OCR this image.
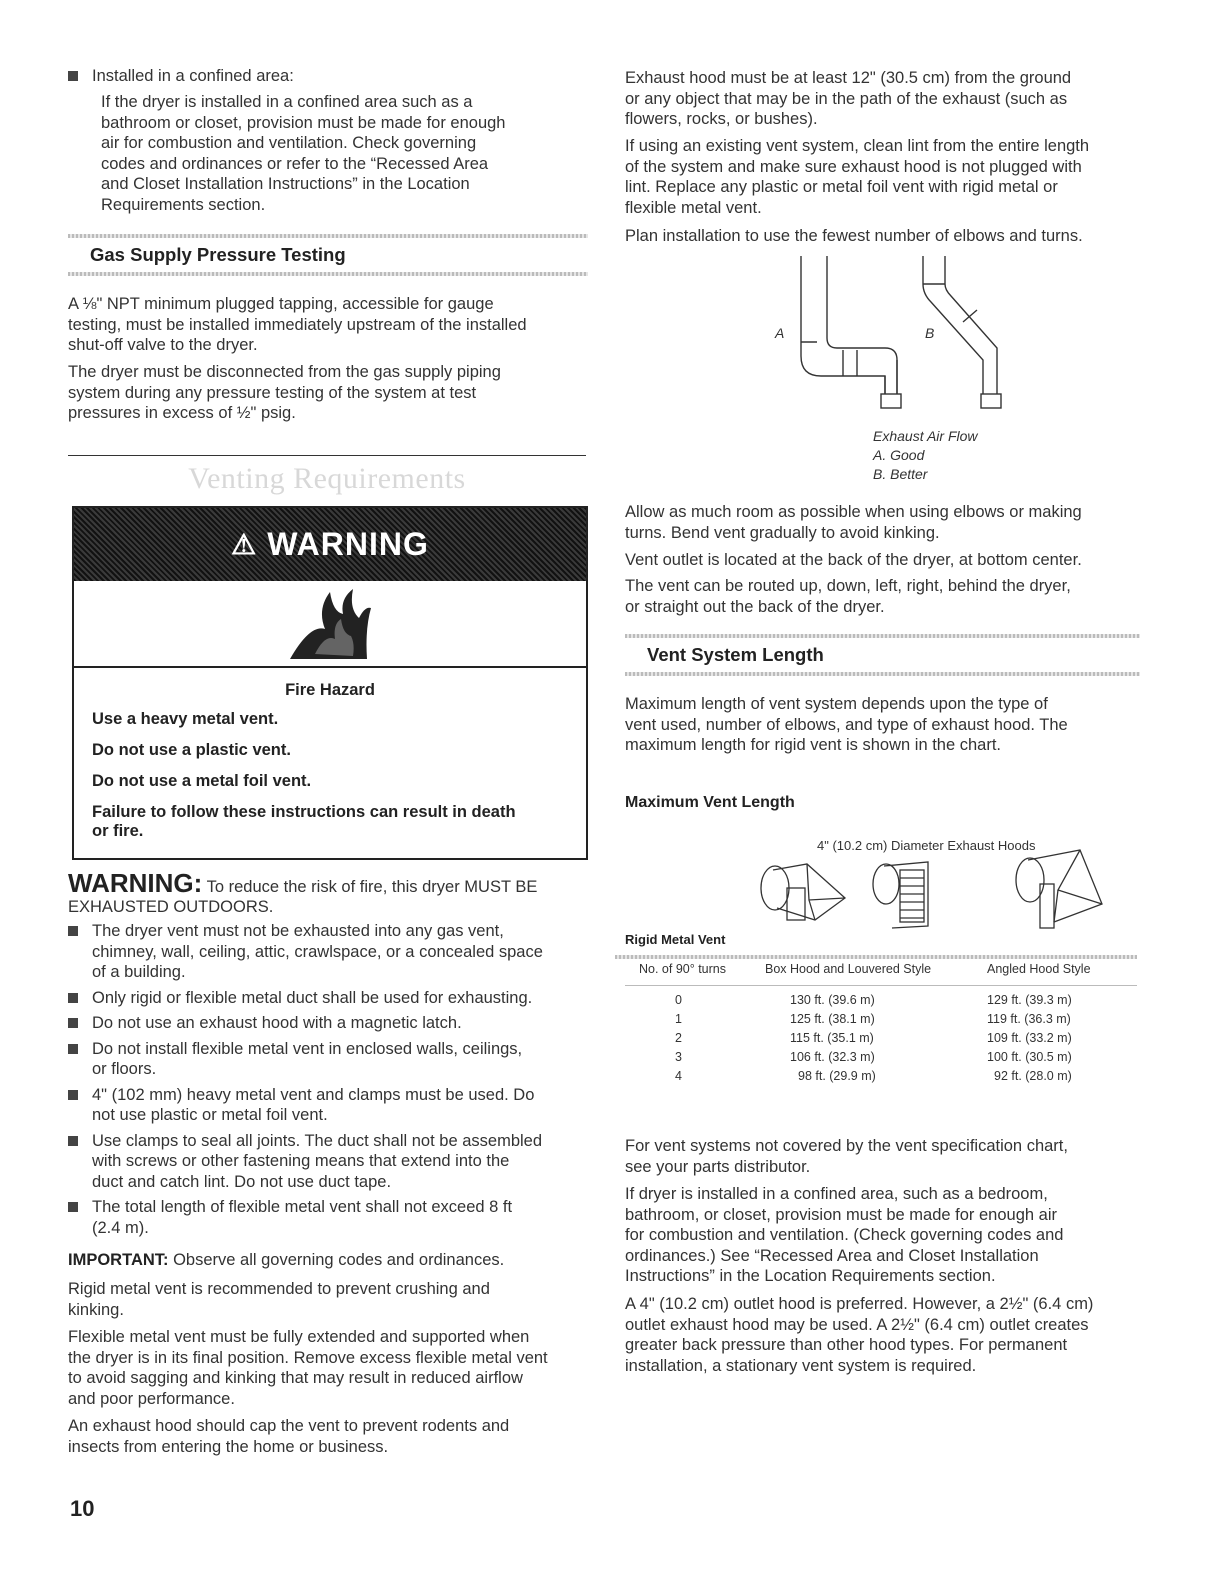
Installed in a confined area:

If the dryer is installed in a confined area such as a

bathroom or closet, provision must be made for enough

air for combustion and ventilation. Check governing

codes and ordinances or refer to the “Recessed Area

and Closet Installation Instructions” in the Location

Requirements section.

Gas Supply Pressure Testing

A ⅛" NPT minimum plugged tapping, accessible for gauge

testing, must be installed immediately upstream of the installed

shut-off valve to the dryer.

The dryer must be disconnected from the gas supply piping

system during any pressure testing of the system at test

pressures in excess of ½" psig.

Venting Requirements
⚠ WARNING

Fire Hazard

Use a heavy metal vent.

Do not use a plastic vent.

Do not use a metal foil vent.

Failure to follow these instructions can result in death

or fire.

WARNING: To reduce the risk of fire, this dryer MUST BE

EXHAUSTED OUTDOORS.

The dryer vent must not be exhausted into any gas vent,

chimney, wall, ceiling, attic, crawlspace, or a concealed space

of a building.

Only rigid or flexible metal duct shall be used for exhausting.

Do not use an exhaust hood with a magnetic latch.

Do not install flexible metal vent in enclosed walls, ceilings,

or floors.

4" (102 mm) heavy metal vent and clamps must be used. Do

not use plastic or metal foil vent.

Use clamps to seal all joints. The duct shall not be assembled

with screws or other fastening means that extend into the

duct and catch lint. Do not use duct tape.

The total length of flexible metal vent shall not exceed 8 ft

(2.4 m).

IMPORTANT: Observe all governing codes and ordinances.

Rigid metal vent is recommended to prevent crushing and

kinking.

Flexible metal vent must be fully extended and supported when

the dryer is in its final position. Remove excess flexible metal vent

to avoid sagging and kinking that may result in reduced airflow

and poor performance.

An exhaust hood should cap the vent to prevent rodents and

insects from entering the home or business.

10

Exhaust hood must be at least 12" (30.5 cm) from the ground

or any object that may be in the path of the exhaust (such as

flowers, rocks, or bushes).

If using an existing vent system, clean lint from the entire length

of the system and make sure exhaust hood is not plugged with

lint. Replace any plastic or metal foil vent with rigid metal or

flexible metal vent.

Plan installation to use the fewest number of elbows and turns.
A	B

Exhaust Air Flow

A. Good

B. Better

Allow as much room as possible when using elbows or making

turns. Bend vent gradually to avoid kinking.

Vent outlet is located at the back of the dryer, at bottom center.

The vent can be routed up, down, left, right, behind the dryer,

or straight out the back of the dryer.

Vent System Length

Maximum length of vent system depends upon the type of

vent used, number of elbows, and type of exhaust hood. The

maximum length for rigid vent is shown in the chart.

Maximum Vent Length
4" (10.2 cm) Diameter Exhaust Hoods
Rigid Metal Vent
No. of 90° turns	Box Hood and Louvered Style	Angled Hood Style
0	130 ft. (39.6 m)	129 ft. (39.3 m)
1	125 ft. (38.1 m)	119 ft. (36.3 m)
2	115 ft. (35.1 m)	109 ft. (33.2 m)
3	106 ft. (32.3 m)	100 ft. (30.5 m)
4	98 ft. (29.9 m)	92 ft. (28.0 m)

For vent systems not covered by the vent specification chart,

see your parts distributor.

If dryer is installed in a confined area, such as a bedroom,

bathroom, or closet, provision must be made for enough air

for combustion and ventilation. (Check governing codes and

ordinances.) See “Recessed Area and Closet Installation

Instructions” in the Location Requirements section.

A 4" (10.2 cm) outlet hood is preferred. However, a 2½" (6.4 cm)

outlet exhaust hood may be used. A 2½" (6.4 cm) outlet creates

greater back pressure than other hood types. For permanent

installation, a stationary vent system is required.
